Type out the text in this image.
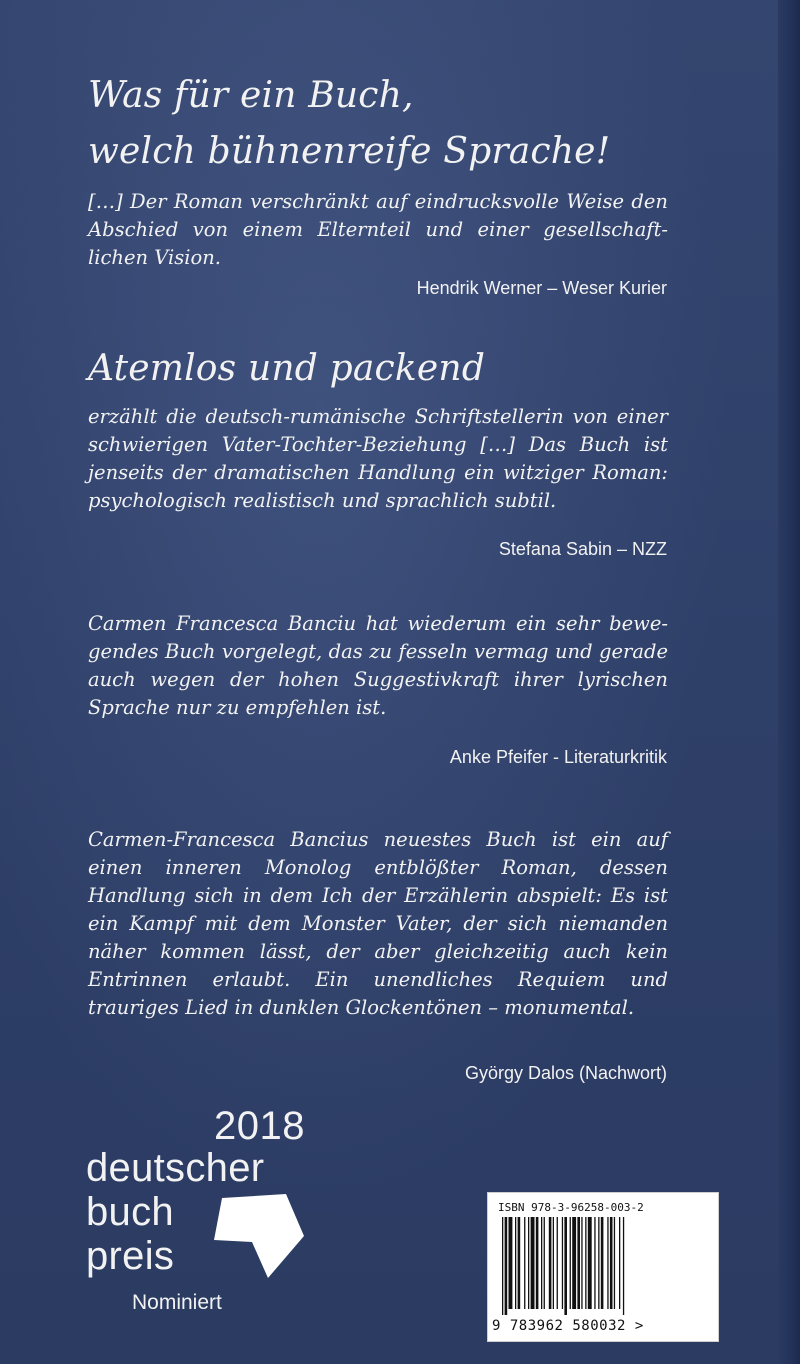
Was für ein Buch,
welch bühnenreife Sprache!
[…] Der Roman verschränkt auf eindrucksvolle Weise den Abschied von einem Elternteil und einer gesellschaft-lichen Vision.
Hendrik Werner – Weser Kurier
Atemlos und packend
erzählt die deutsch-rumänische Schriftstellerin von einer schwierigen Vater-Tochter-Beziehung […] Das Buch ist jenseits der dramatischen Handlung ein witziger Roman: psychologisch realistisch und sprachlich subtil.
Stefana Sabin – NZZ
Carmen Francesca Banciu hat wiederum ein sehr bewe-gendes Buch vorgelegt, das zu fesseln vermag und gerade auch wegen der hohen Suggestivkraft ihrer lyrischen Sprache nur zu empfehlen ist.
Anke Pfeifer - Literaturkritik
Carmen-Francesca Bancius neuestes Buch ist ein auf einen inneren Monolog entblößter Roman, dessen Handlung sich in dem Ich der Erzählerin abspielt: Es ist ein Kampf mit dem Monster Vater, der sich niemanden näher kommen lässt, der aber gleichzeitig auch kein Entrinnen erlaubt. Ein unendliches Requiem und trauriges Lied in dunklen Glockentönen – monumental.
György Dalos (Nachwort)
2018
deutscher
buch
preis
Nominiert
ISBN 978-3-96258-003-2
9 783962 580032 >
